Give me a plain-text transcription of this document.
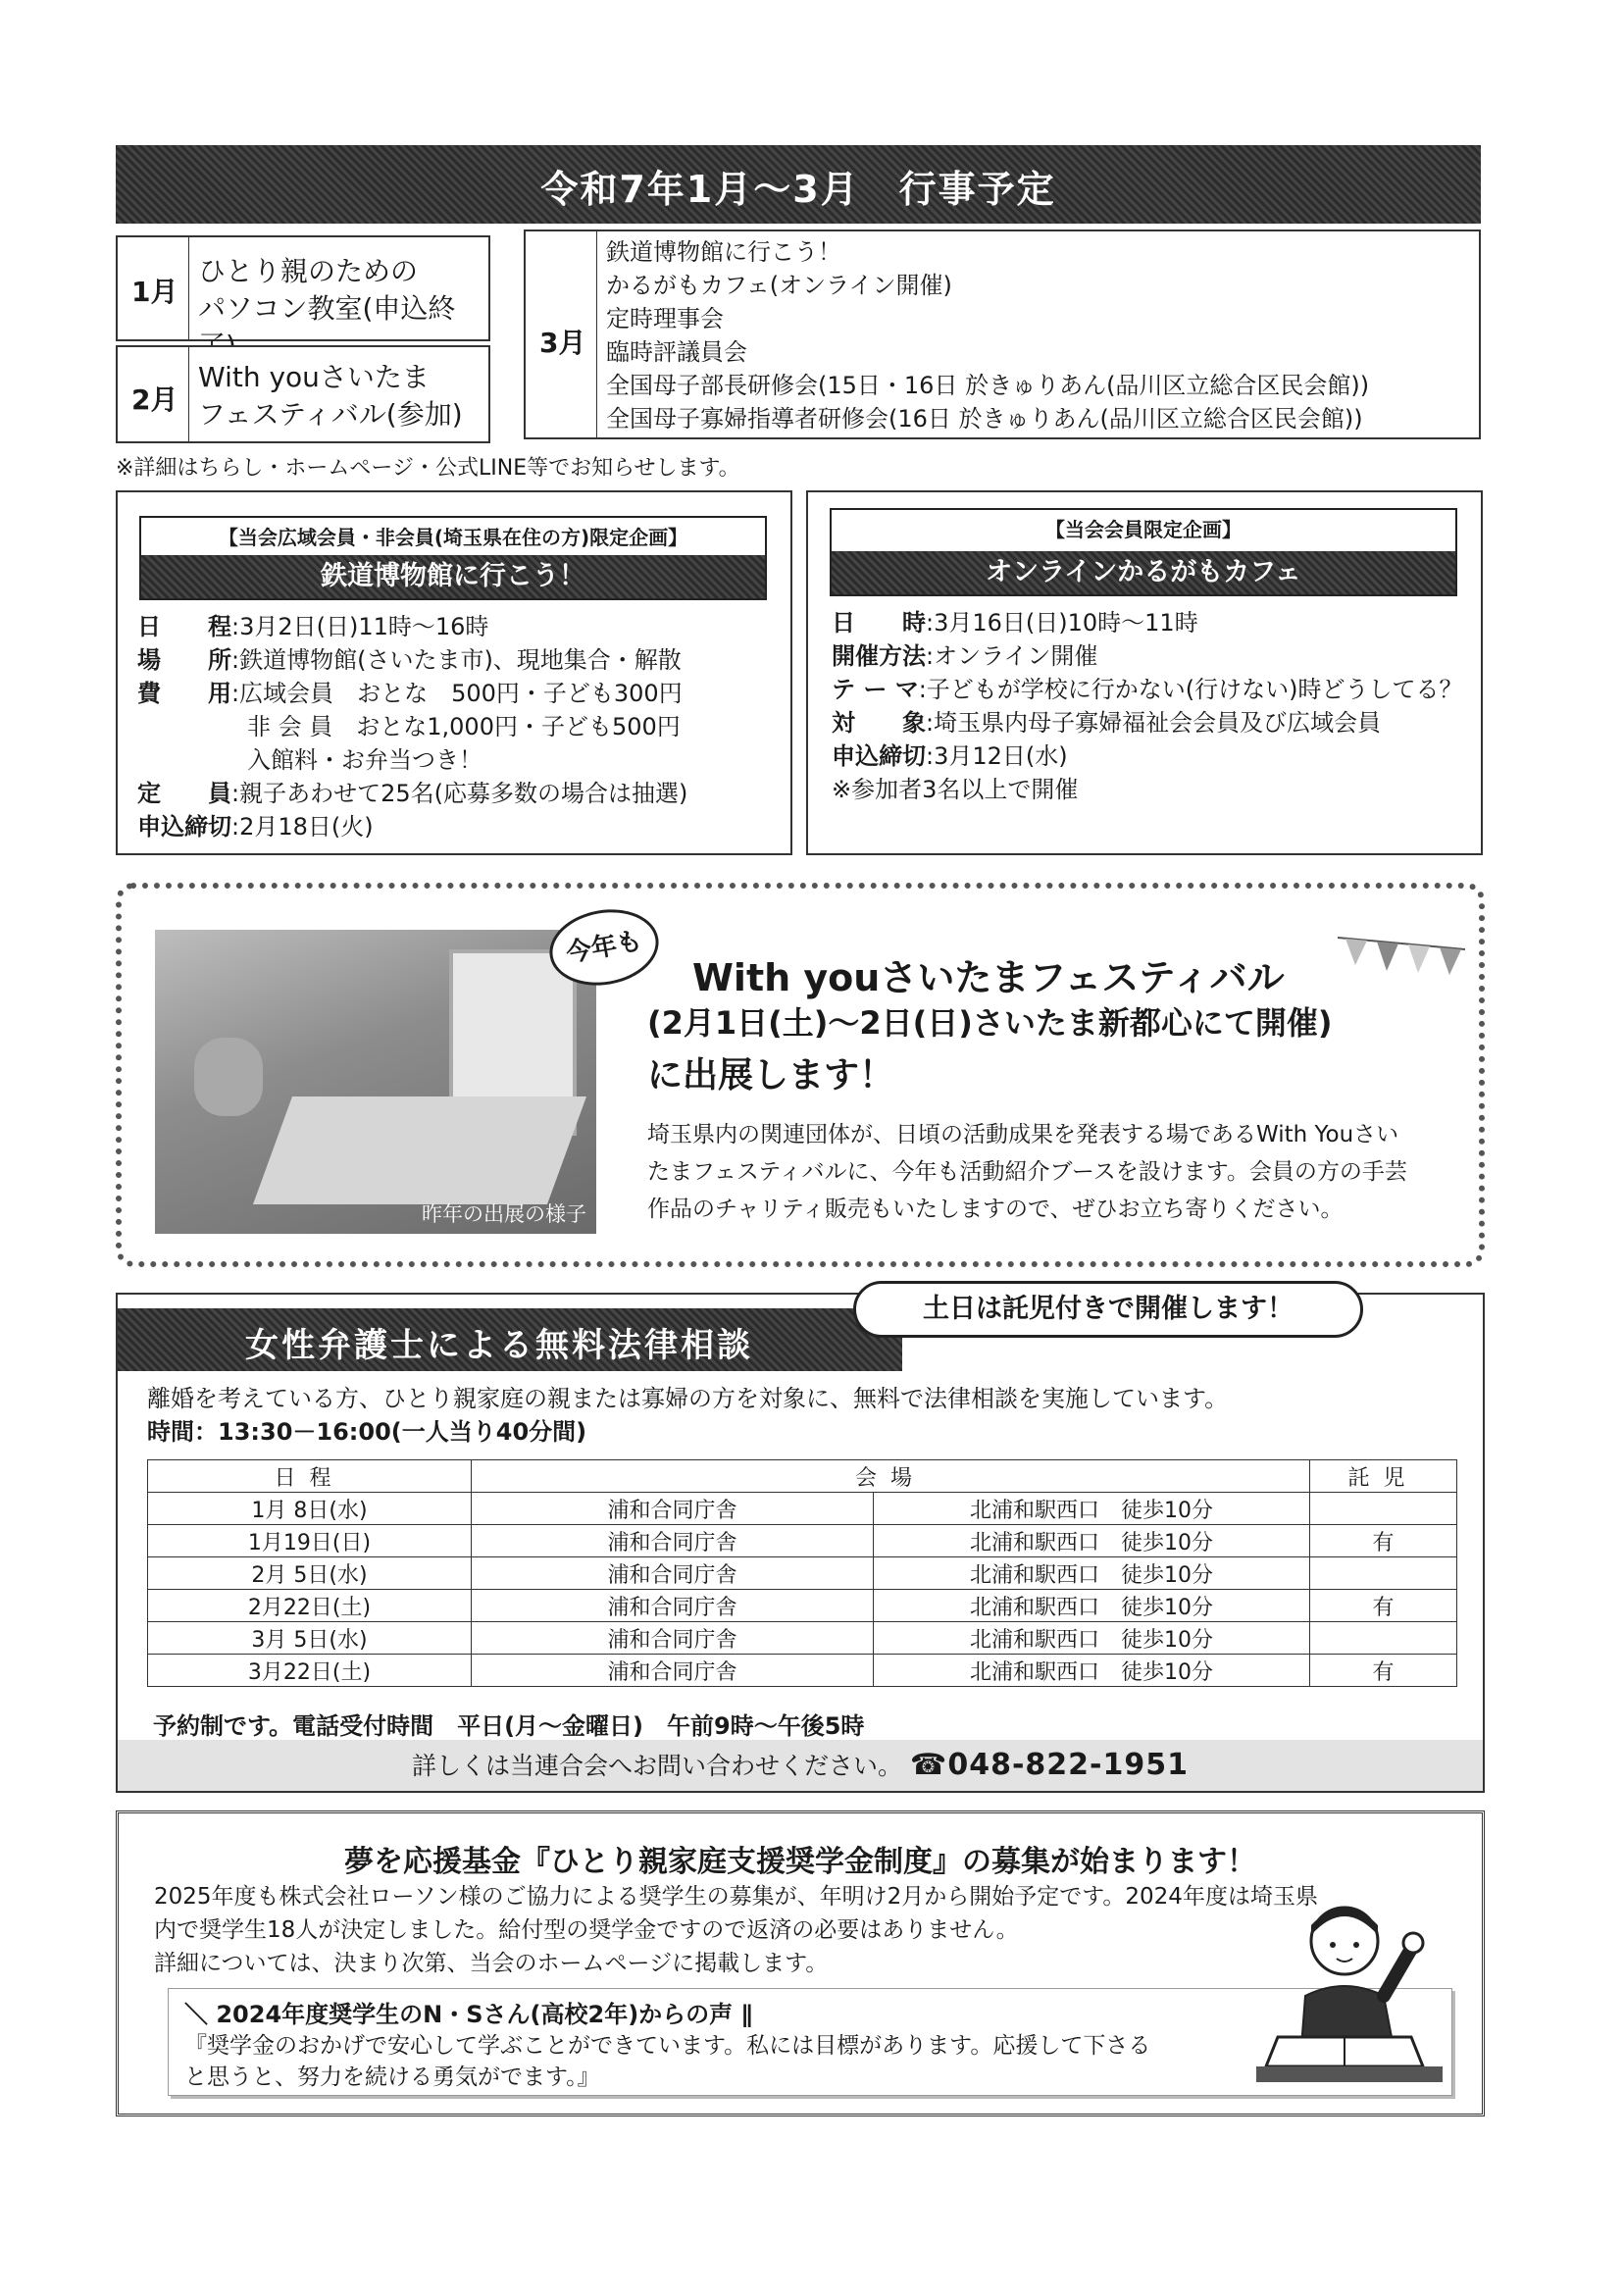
令和7年1月～3月　行事予定
1月
ひとり親のための
パソコン教室(申込終
2月
With youさいたま
フェスティバル(参加)
3月
鉄道博物館に行こう！
かるがもカフェ(オンライン開催)
定時理事会
臨時評議員会
全国母子部長研修会(15日・16日 於きゅりあん(品川区立総合区民会館))
全国母子寡婦指導者研修会(16日 於きゅりあん(品川区立総合区民会館))
※詳細はちらし・ホームページ・公式LINE等でお知らせします。
【当会広域会員・非会員(埼玉県在住の方)限定企画】
鉄道博物館に行こう！
日　　程:3月2日(日)11時～16時
場　　所:鉄道博物館(さいたま市)、現地集合・解散
費　　用:広域会員　おとな　500円・子ども300円
非 会 員　おとな1,000円・子ども500円
入館料・お弁当つき！
定　　員:親子あわせて25名(応募多数の場合は抽選)
申込締切:2月18日(火)
【当会会員限定企画】
オンラインかるがもカフェ
日　　時:3月16日(日)10時～11時
開催方法:オンライン開催
テ ー マ:子どもが学校に行かない(行けない)時どうしてる？
対　　象:埼玉県内母子寡婦福祉会会員及び広域会員
申込締切:3月12日(水)
※参加者3名以上で開催
昨年の出展の様子
今年も
With youさいたまフェスティバル
(2月1日(土)～2日(日)さいたま新都心にて開催)
に出展します！
埼玉県内の関連団体が、日頃の活動成果を発表する場であるWith Youさい
たまフェスティバルに、今年も活動紹介ブースを設けます。会員の方の手芸
作品のチャリティ販売もいたしますので、ぜひお立ち寄りください。
女性弁護士による無料法律相談
土日は託児付きで開催します！
離婚を考えている方、ひとり親家庭の親または寡婦の方を対象に、無料で法律相談を実施しています。
時間：13:30－16:00(一人当り40分間)
日程	会場		託児
1月 8日(水)	浦和合同庁舎	北浦和駅西口　徒歩10分	
1月19日(日)	浦和合同庁舎	北浦和駅西口　徒歩10分	有
2月 5日(水)	浦和合同庁舎	北浦和駅西口　徒歩10分	
2月22日(土)	浦和合同庁舎	北浦和駅西口　徒歩10分	有
3月 5日(水)	浦和合同庁舎	北浦和駅西口　徒歩10分	
3月22日(土)	浦和合同庁舎	北浦和駅西口　徒歩10分	有
予約制です。電話受付時間　平日(月～金曜日)　午前9時～午後5時
詳しくは当連合会へお問い合わせください。 ☎048-822-1951
夢を応援基金『ひとり親家庭支援奨学金制度』の募集が始まります！
2025年度も株式会社ローソン様のご協力による奨学生の募集が、年明け2月から開始予定です。2024年度は埼玉県
内で奨学生18人が決定しました。給付型の奨学金ですので返済の必要はありません。
詳細については、決まり次第、当会のホームページに掲載します。
＼ 2024年度奨学生のN・Sさん(高校2年)からの声 ∥
『奨学金のおかげで安心して学ぶことができています。私には目標があります。応援して下さる
と思うと、努力を続ける勇気がでます。』
